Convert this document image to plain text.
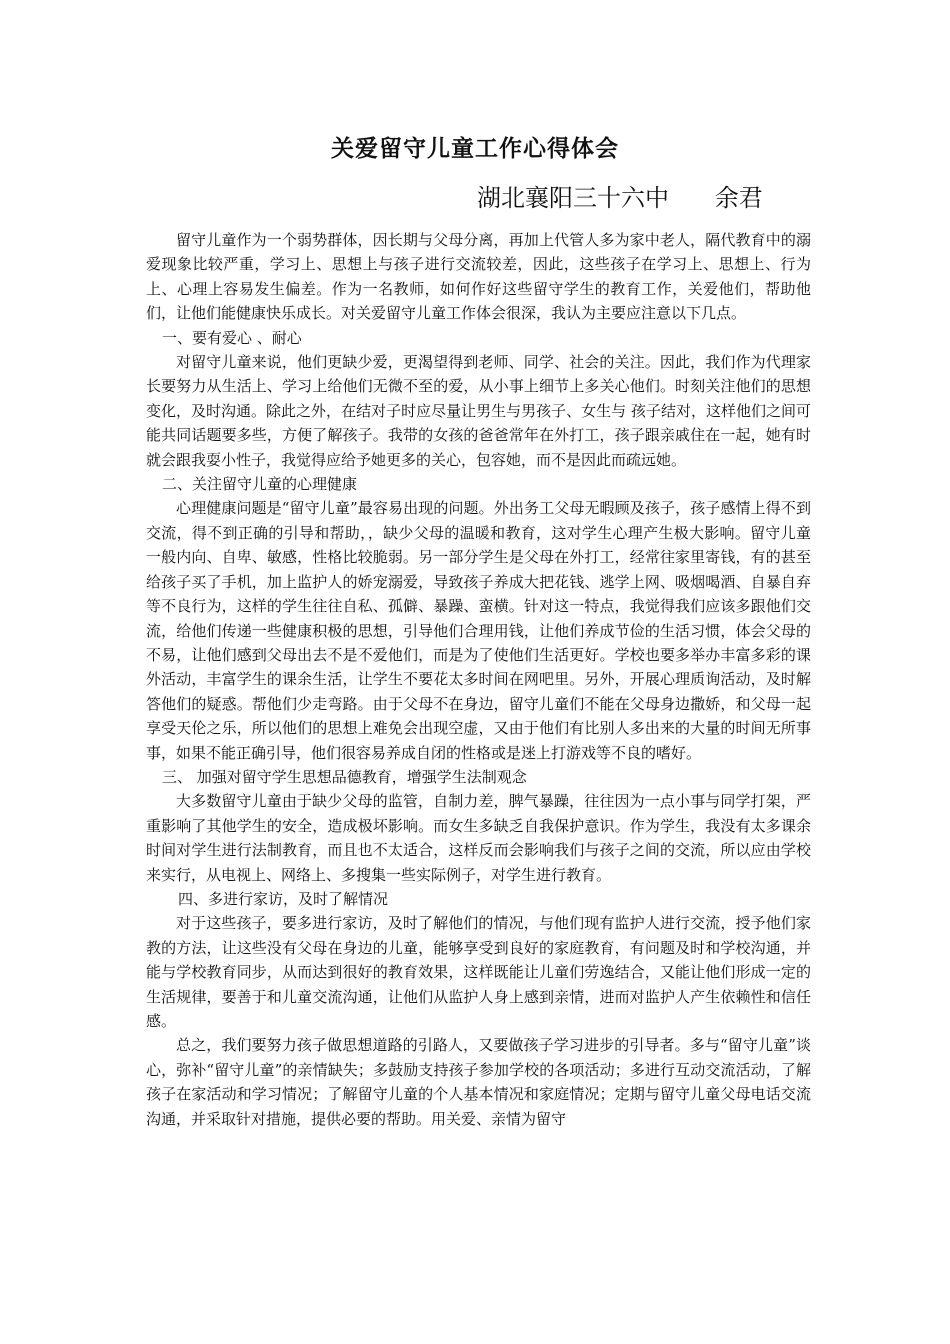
关爱留守儿童工作心得体会
湖北襄阳三十六中      余君

留守儿童作为一个弱势群体，因长期与父母分离，再加上代管人多为家中老人，隔代教育中的溺爱现象比较严重，学习上、思想上与孩子进行交流较差，因此，这些孩子在学习上、思想上、行为上、心理上容易发生偏差。作为一名教师，如何作好这些留守学生的教育工作，关爱他们，帮助他们，让他们能健康快乐成长。对关爱留守儿童工作体会很深，我认为主要应注意以下几点。

一、要有爱心 、耐心

对留守儿童来说，他们更缺少爱，更渴望得到老师、同学、社会的关注。因此，我们作为代理家长要努力从生活上、学习上给他们无微不至的爱，从小事上细节上多关心他们。时刻关注他们的思想变化，及时沟通。除此之外，在结对子时应尽量让男生与男孩子、女生与 孩子结对，这样他们之间可能共同话题要多些，方便了解孩子。我带的女孩的爸爸常年在外打工，孩子跟亲戚住在一起，她有时就会跟我耍小性子，我觉得应给予她更多的关心，包容她，而不是因此而疏远她。

二、关注留守儿童的心理健康

心理健康问题是“留守儿童”最容易出现的问题。外出务工父母无暇顾及孩子，孩子感情上得不到交流，得不到正确的引导和帮助，，缺少父母的温暖和教育，这对学生心理产生极大影响。留守儿童一般内向、自卑、敏感，性格比较脆弱。另一部分学生是父母在外打工，经常往家里寄钱，有的甚至给孩子买了手机，加上监护人的娇宠溺爱，导致孩子养成大把花钱、逃学上网、吸烟喝酒、自暴自弃等不良行为，这样的学生往往自私、孤僻、暴躁、蛮横。针对这一特点，我觉得我们应该多跟他们交流，给他们传递一些健康积极的思想，引导他们合理用钱，让他们养成节俭的生活习惯，体会父母的不易，让他们感到父母出去不是不爱他们，而是为了使他们生活更好。学校也要多举办丰富多彩的课外活动，丰富学生的课余生活，让学生不要花太多时间在网吧里。另外，开展心理质询活动，及时解答他们的疑惑。帮他们少走弯路。由于父母不在身边，留守儿童们不能在父母身边撒娇，和父母一起享受天伦之乐，所以他们的思想上难免会出现空虚，又由于他们有比别人多出来的大量的时间无所事事，如果不能正确引导，他们很容易养成自闭的性格或是迷上打游戏等不良的嗜好。

三、 加强对留守学生思想品德教育，增强学生法制观念

大多数留守儿童由于缺少父母的监管，自制力差，脾气暴躁，往往因为一点小事与同学打架，严重影响了其他学生的安全，造成极坏影响。而女生多缺乏自我保护意识。作为学生，我没有太多课余时间对学生进行法制教育，而且也不太适合，这样反而会影响我们与孩子之间的交流，所以应由学校来实行，从电视上、网络上、多搜集一些实际例子，对学生进行教育。

四、多进行家访，及时了解情况

对于这些孩子，要多进行家访，及时了解他们的情况，与他们现有监护人进行交流，授予他们家教的方法，让这些没有父母在身边的儿童，能够享受到良好的家庭教育，有问题及时和学校沟通，并能与学校教育同步，从而达到很好的教育效果，这样既能让儿童们劳逸结合，又能让他们形成一定的生活规律，要善于和儿童交流沟通，让他们从监护人身上感到亲情，进而对监护人产生依赖性和信任感。

总之，我们要努力孩子做思想道路的引路人，又要做孩子学习进步的引导者。多与“留守儿童”谈心，弥补“留守儿童”的亲情缺失；多鼓励支持孩子参加学校的各项活动；多进行互动交流活动，了解孩子在家活动和学习情况；了解留守儿童的个人基本情况和家庭情况；定期与留守儿童父母电话交流沟通，并采取针对措施，提供必要的帮助。用关爱、亲情为留守
